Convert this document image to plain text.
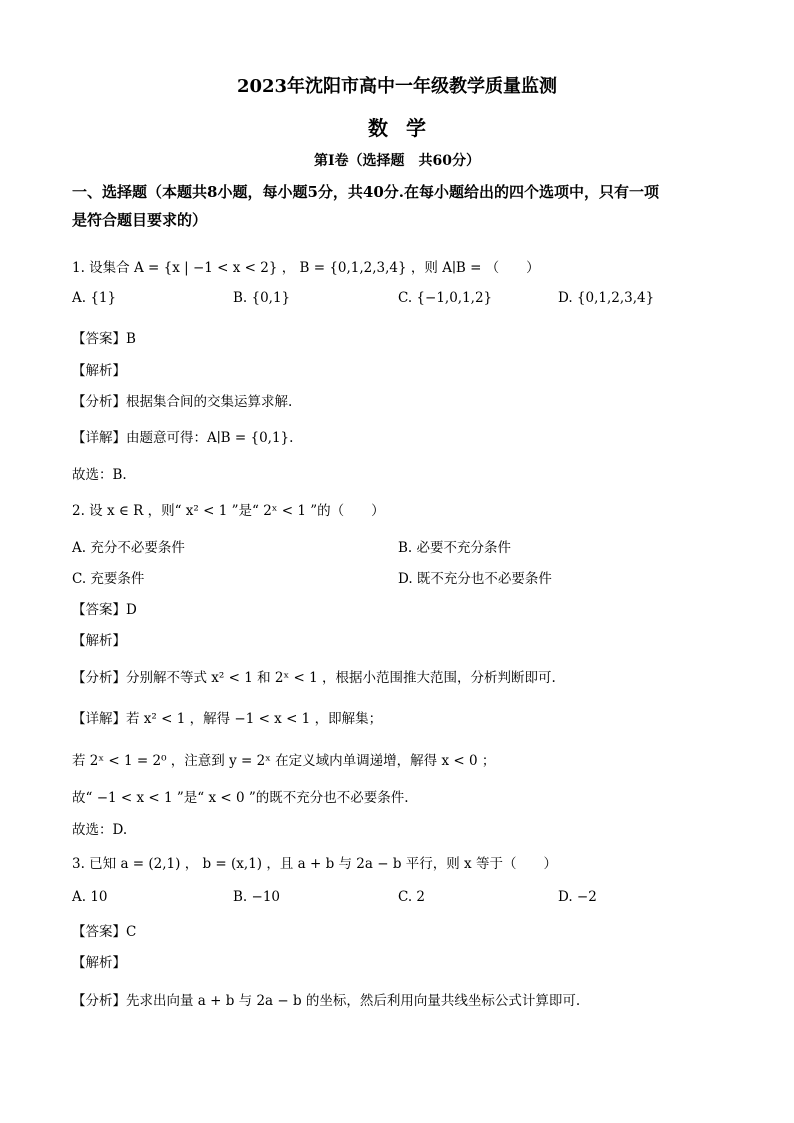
2023年沈阳市高中一年级教学质量监测
数学
第Ⅰ卷（选择题　共60分）
一、选择题（本题共8小题，每小题5分，共40分.在每小题给出的四个选项中，只有一项
是符合题目要求的）
1. 设集合 A = {x | −1 < x < 2} ， B = {0,1,2,3,4} ，则 A∣B = （　　）
A. {1}	B. {0,1}	C. {−1,0,1,2}	D. {0,1,2,3,4}
【答案】B
【解析】
【分析】根据集合间的交集运算求解.
【详解】由题意可得：A∣B = {0,1}.
故选：B.
2. 设 x ∈ R ，则“ x² < 1 ”是“ 2ˣ < 1 ”的（　　）
A. 充分不必要条件	B. 必要不充分条件
C. 充要条件	D. 既不充分也不必要条件
【答案】D
【解析】
【分析】分别解不等式 x² < 1 和 2ˣ < 1 ，根据小范围推大范围，分析判断即可.
【详解】若 x² < 1 ，解得 −1 < x < 1 ，即解集；
若 2ˣ < 1 = 2⁰ ，注意到 y = 2ˣ 在定义域内单调递增，解得 x < 0 ；
故“ −1 < x < 1 ”是“ x < 0 ”的既不充分也不必要条件.
故选：D.
3. 已知 a = (2,1) ， b = (x,1) ，且 a + b 与 2a − b 平行，则 x 等于（　　）
A. 10	B. −10	C. 2	D. −2
【答案】C
【解析】
【分析】先求出向量 a + b 与 2a − b 的坐标，然后利用向量共线坐标公式计算即可.
